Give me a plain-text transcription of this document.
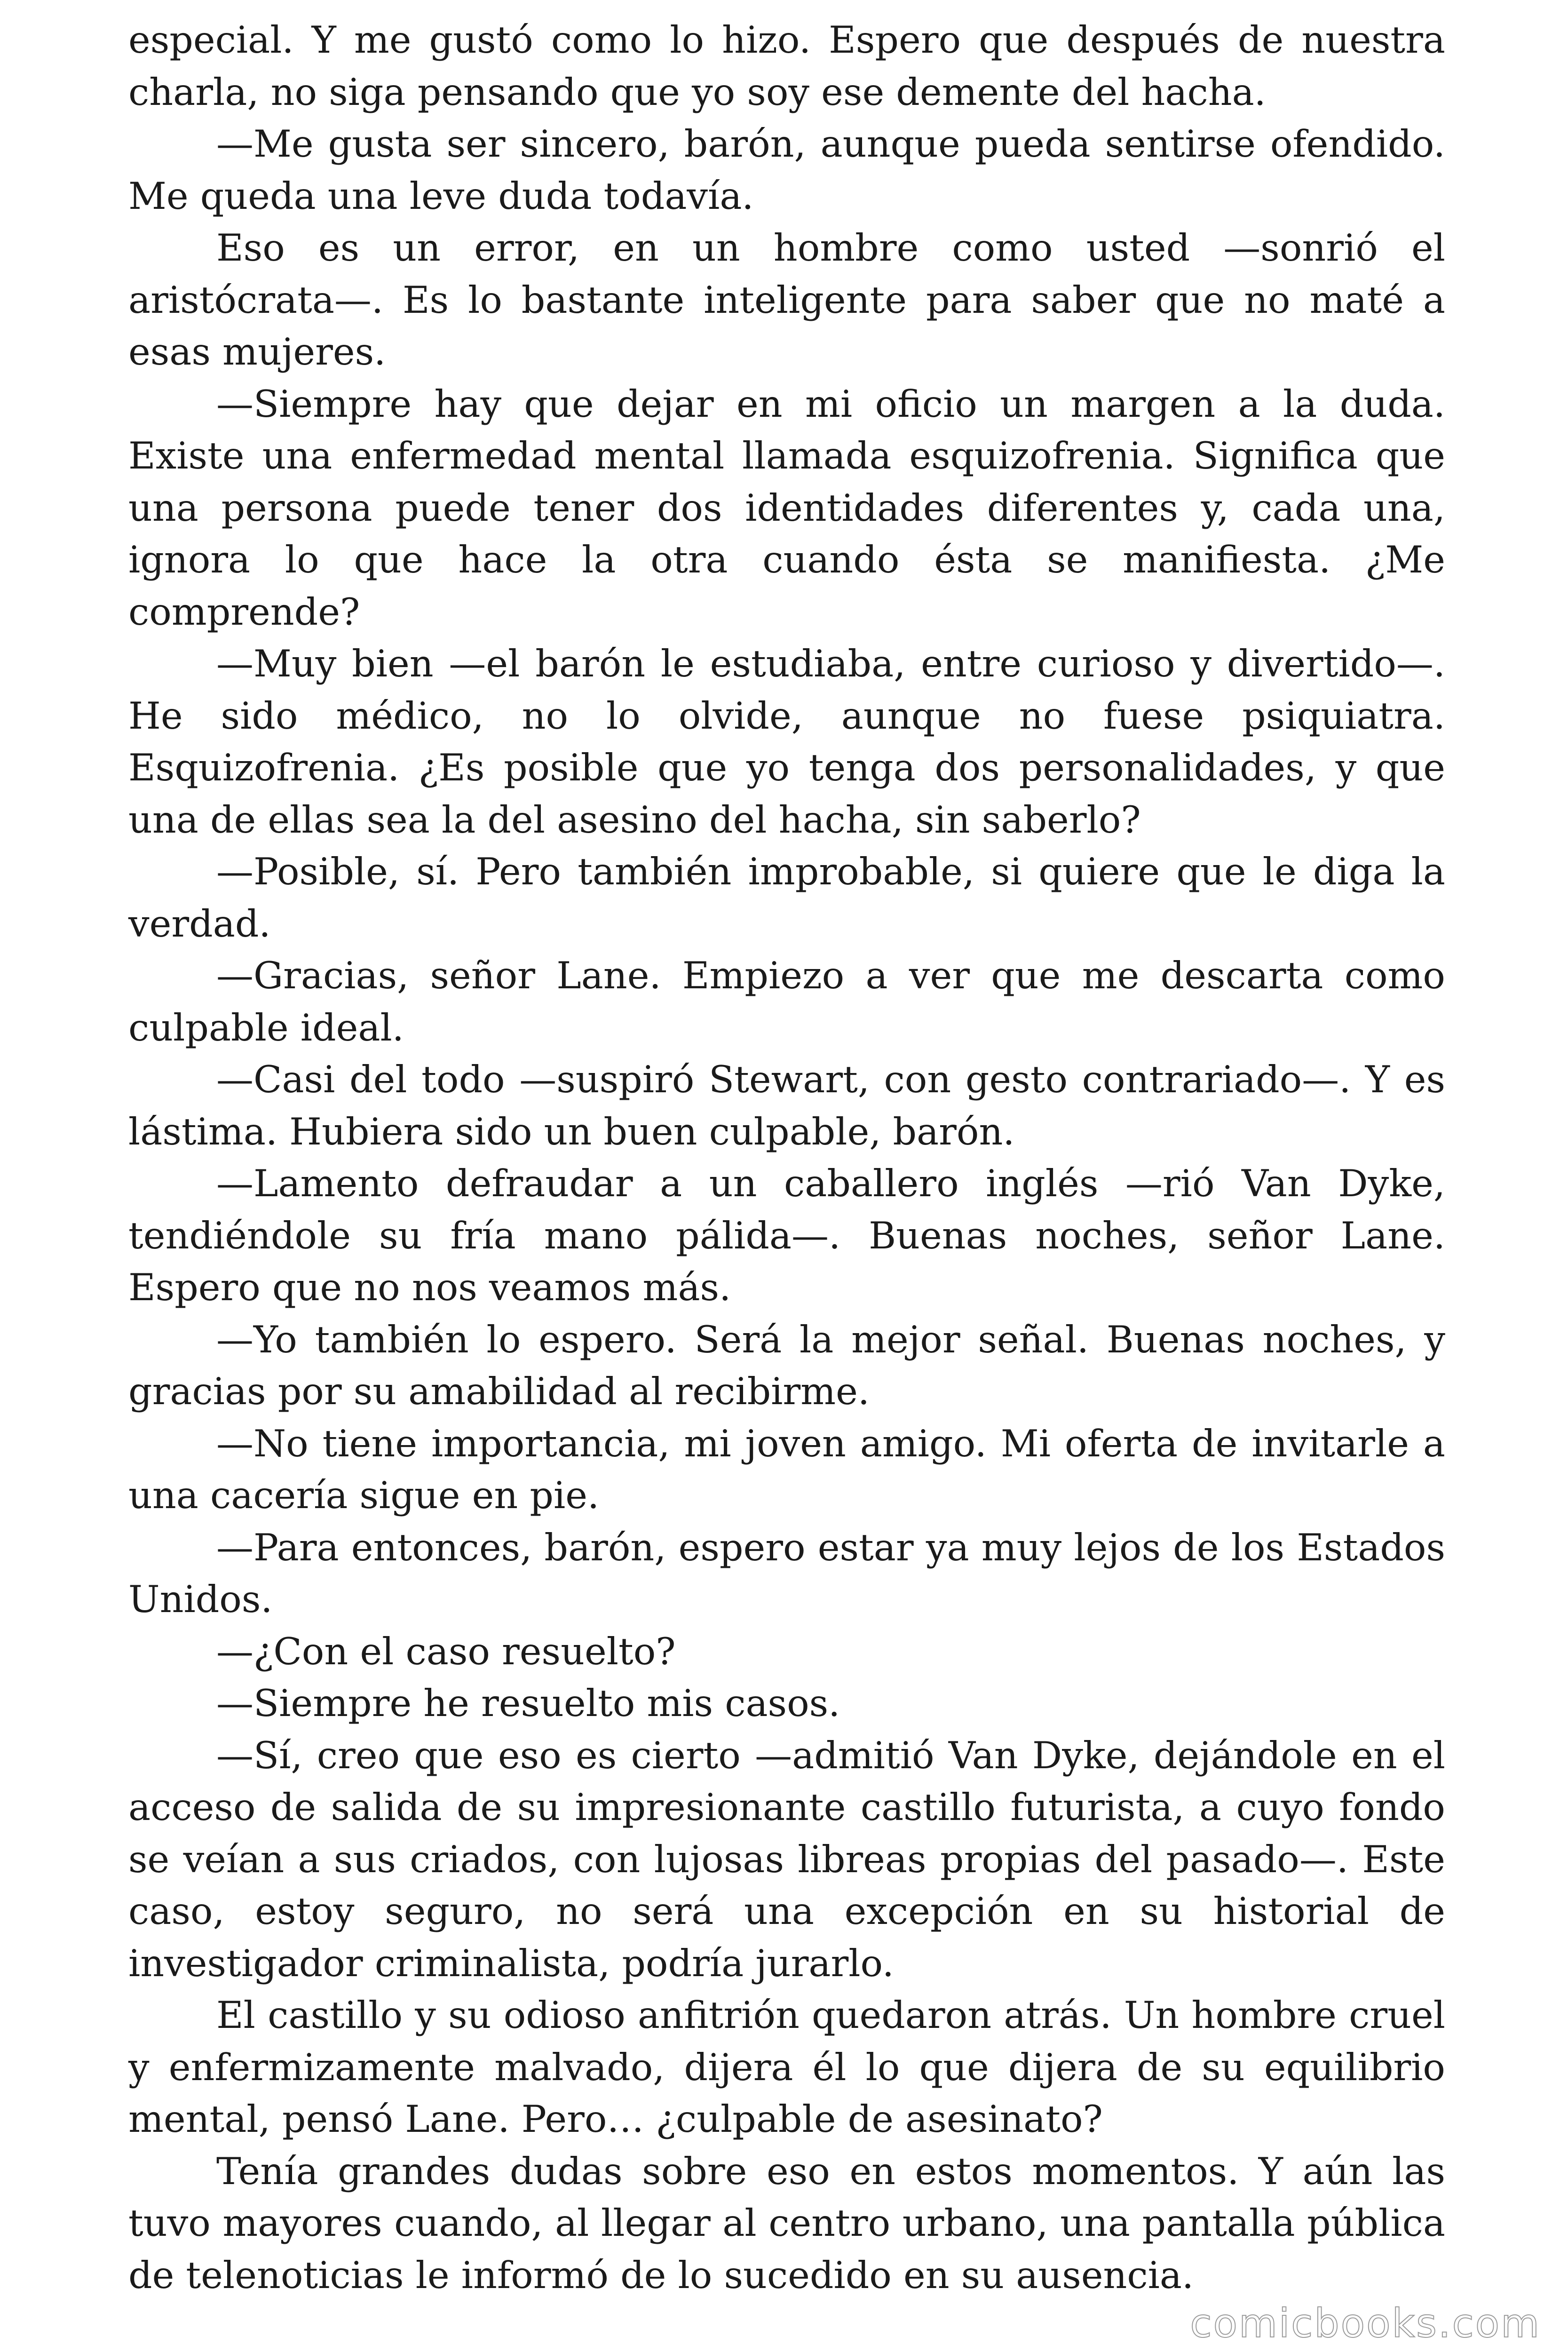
especial. Y me gustó como lo hizo. Espero que después de nuestra charla, no siga pensando que yo soy ese demente del hacha.

—Me gusta ser sincero, barón, aunque pueda sentirse ofendido. Me queda una leve duda todavía.

Eso es un error, en un hombre como usted —sonrió el aristócrata—. Es lo bastante inteligente para saber que no maté a esas mujeres.

—Siempre hay que dejar en mi oficio un margen a la duda. Existe una enfermedad mental llamada esquizofrenia. Significa que una persona puede tener dos identidades diferentes y, cada una, ignora lo que hace la otra cuando ésta se manifiesta. ¿Me comprende?

—Muy bien —el barón le estudiaba, entre curioso y divertido—. He sido médico, no lo olvide, aunque no fuese psiquiatra. Esquizofrenia. ¿Es posible que yo tenga dos personalidades, y que una de ellas sea la del asesino del hacha, sin saberlo?

—Posible, sí. Pero también improbable, si quiere que le diga la verdad.

—Gracias, señor Lane. Empiezo a ver que me descarta como culpable ideal.

—Casi del todo —suspiró Stewart, con gesto contrariado—. Y es lástima. Hubiera sido un buen culpable, barón.

—Lamento defraudar a un caballero inglés —rió Van Dyke, tendiéndole su fría mano pálida—. Buenas noches, señor Lane. Espero que no nos veamos más.

—Yo también lo espero. Será la mejor señal. Buenas noches, y gracias por su amabilidad al recibirme.

—No tiene importancia, mi joven amigo. Mi oferta de invitarle a una cacería sigue en pie.

—Para entonces, barón, espero estar ya muy lejos de los Estados Unidos.

—¿Con el caso resuelto?

—Siempre he resuelto mis casos.

—Sí, creo que eso es cierto —admitió Van Dyke, dejándole en el acceso de salida de su impresionante castillo futurista, a cuyo fondo se veían a sus criados, con lujosas libreas propias del pasado—. Este caso, estoy seguro, no será una excepción en su historial de investigador criminalista, podría jurarlo.

El castillo y su odioso anfitrión quedaron atrás. Un hombre cruel y enfermizamente malvado, dijera él lo que dijera de su equilibrio mental, pensó Lane. Pero… ¿culpable de asesinato?

Tenía grandes dudas sobre eso en estos momentos. Y aún las tuvo mayores cuando, al llegar al centro urbano, una pantalla pública de telenoticias le informó de lo sucedido en su ausencia.

comicbooks.com
